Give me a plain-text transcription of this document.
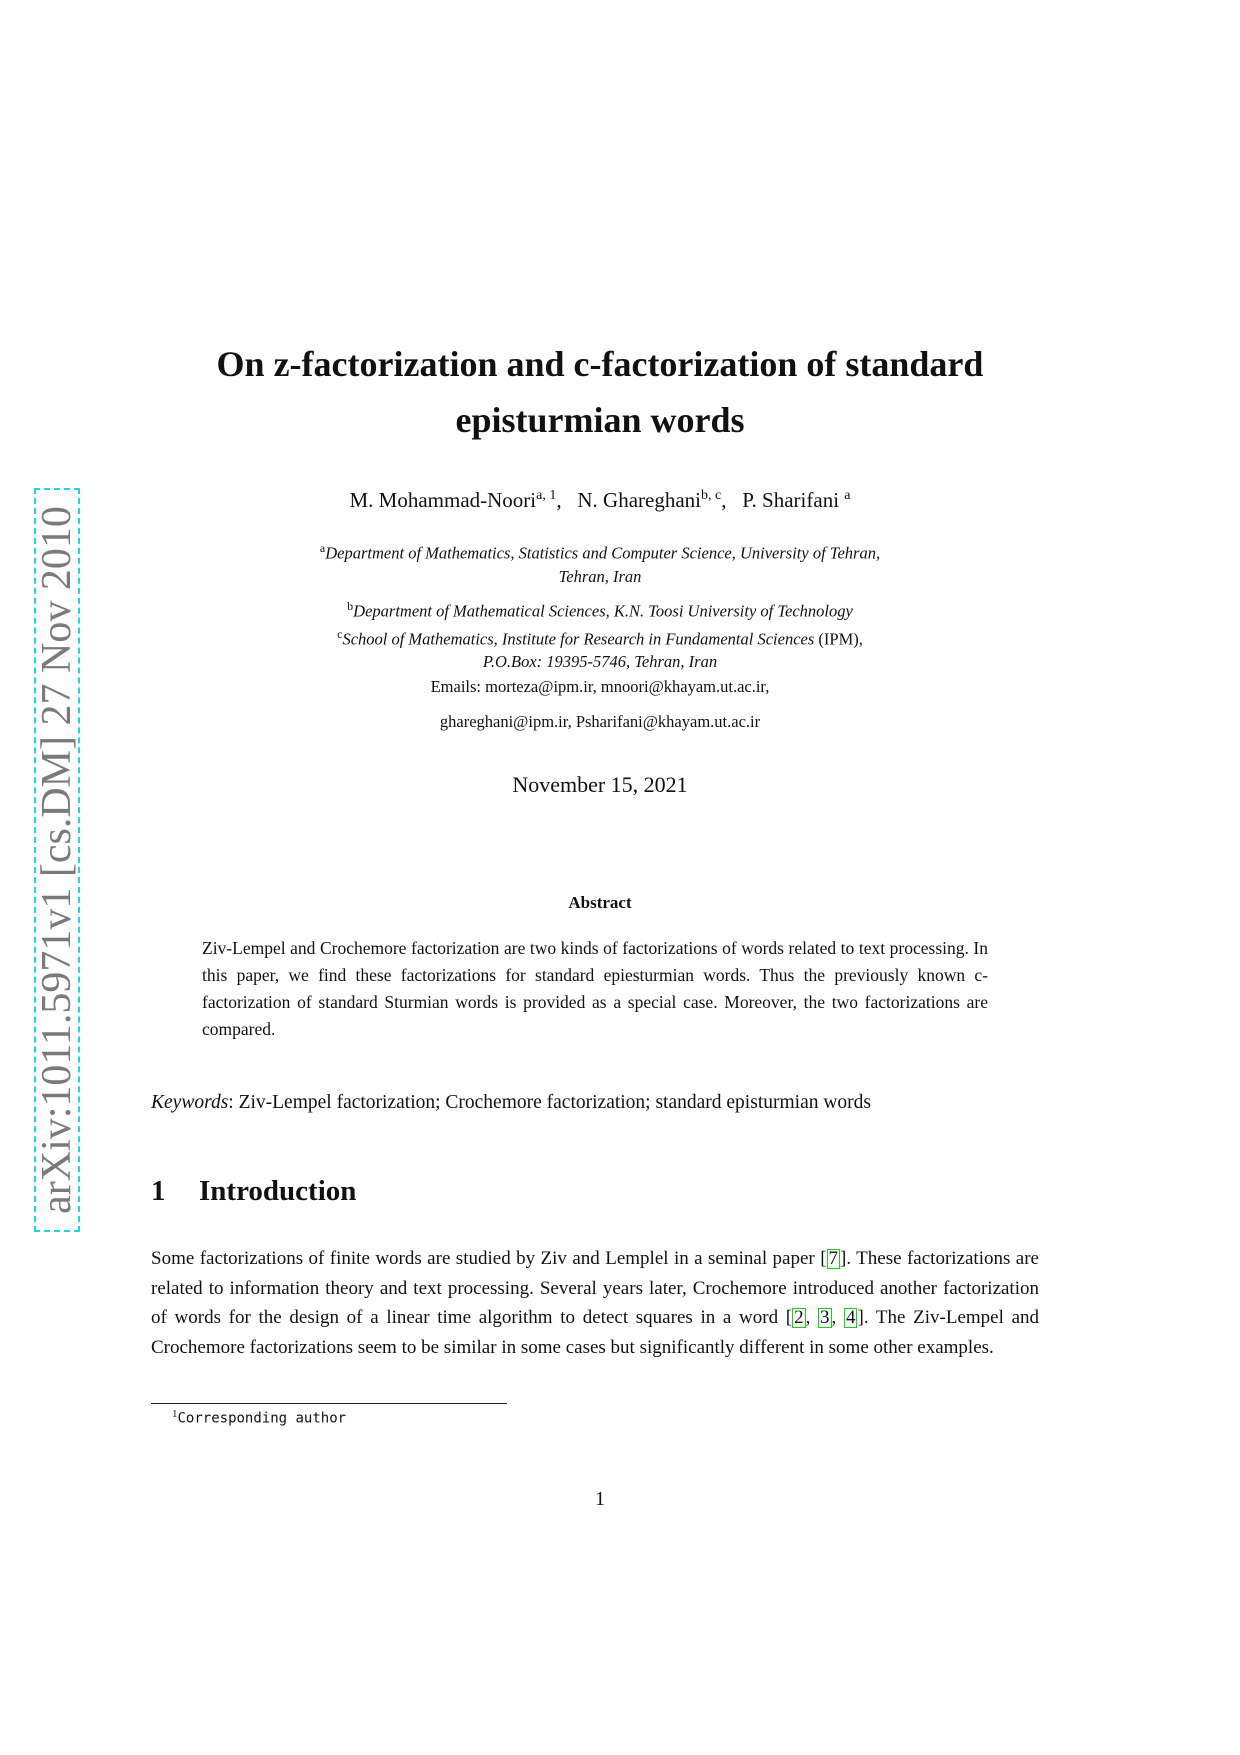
arXiv:1011.5971v1 [cs.DM] 27 Nov 2010
On z-factorization and c-factorization of standard
episturmian words
M. Mohammad-Noori$^{a, 1}$,   N. Ghareghani$^{b, c}$,   P. Sharifani $^a$
$^a$Department of Mathematics, Statistics and Computer Science, University of Tehran,
Tehran, Iran
$^b$Department of Mathematical Sciences, K.N. Toosi University of Technology
$^c$School of Mathematics, Institute for Research in Fundamental Sciences (IPM),
P.O.Box: 19395-5746, Tehran, Iran
Emails: morteza@ipm.ir, mnoori@khayam.ut.ac.ir,
ghareghani@ipm.ir, Psharifani@khayam.ut.ac.ir
November 15, 2021
Abstract
Ziv-Lempel and Crochemore factorization are two kinds of factorizations of words related to text processing. In this paper, we find these factorizations for standard epiesturmian words. Thus the previously known c-factorization of standard Sturmian words is provided as a special case. Moreover, the two factorizations are compared.
Keywords: Ziv-Lempel factorization; Crochemore factorization; standard episturmian words
1 Introduction
Some factorizations of finite words are studied by Ziv and Lemplel in a seminal paper [ 7 ]. These factorizations are related to information theory and text processing. Several years later, Crochemore introduced another factorization of words for the design of a linear time algorithm to detect squares in a word [ 2 , 3 , 4 ]. The Ziv-Lempel and Crochemore factorizations seem to be similar in some cases but significantly different in some other examples.
$^1$Corresponding author
1
